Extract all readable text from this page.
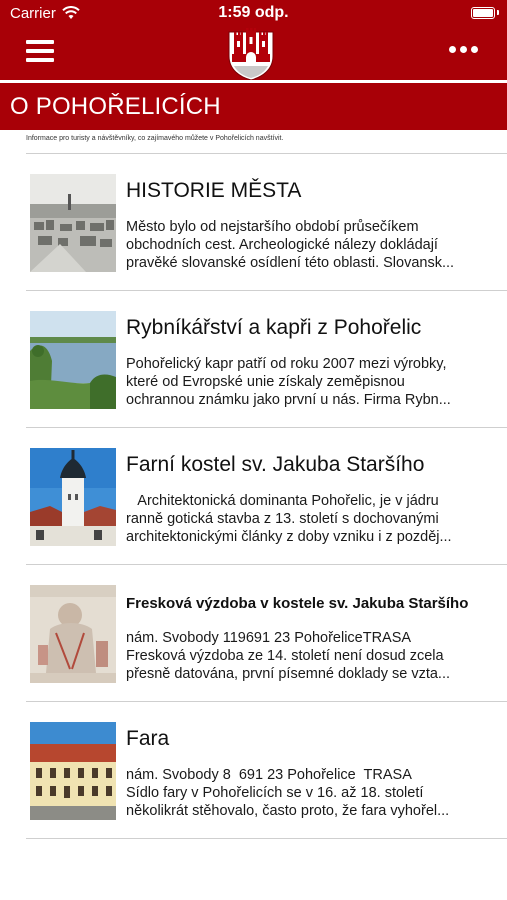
Carrier	1:59 odp.
O POHOŘELICÍCH
Informace pro turisty a návštěvníky, co zajímavého můžete v Pohořelicích navštívit.
HISTORIE MĚSTA
Město bylo od nejstaršího období průsečíkem
obchodních cest. Archeologické nálezy dokládají
pravěké slovanské osídlení této oblasti. Slovansk...
Rybníkářství a kapři z Pohořelic
Pohořelický kapr patří od roku 2007 mezi výrobky,
které od Evropské unie získaly zeměpisnou
ochrannou známku jako první u nás. Firma Rybn...
Farní kostel sv. Jakuba Staršího
Architektonická dominanta Pohořelic, je v jádru
ranně gotická stavba z 13. století s dochovanými
architektonickými články z doby vzniku i z pozděj...
Fresková výzdoba v kostele sv. Jakuba Staršího
nám. Svobody 119691 23 PohořeliceTRASA
Fresková výzdoba ze 14. století není dosud zcela
přesně datována, první písemné doklady se vzta...
Fara
nám. Svobody 8  691 23 Pohořelice  TRASA
Sídlo fary v Pohořelicích se v 16. až 18. století
několikrát stěhovalo, často proto, že fara vyhořel...
